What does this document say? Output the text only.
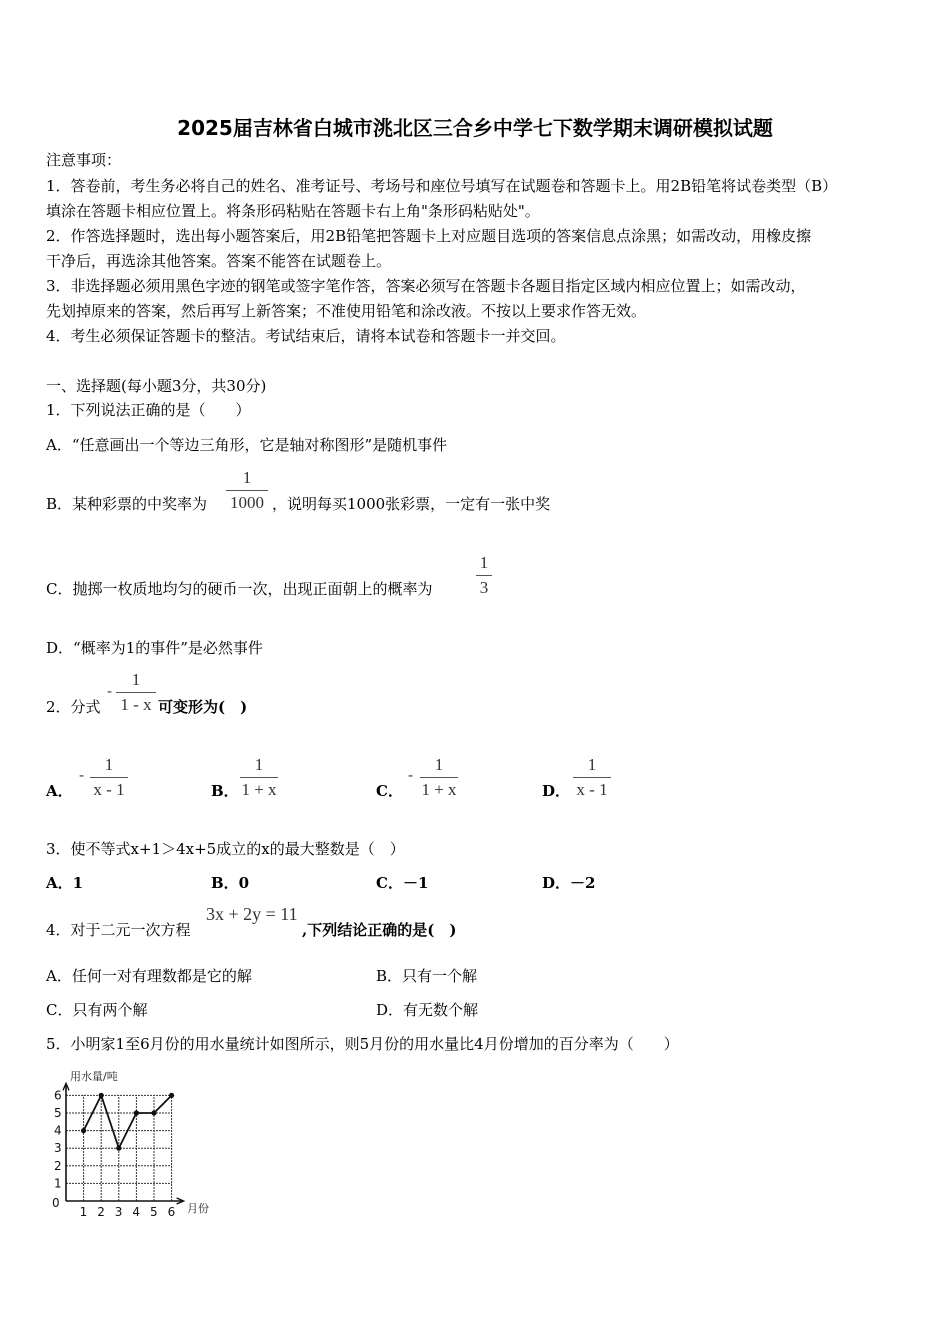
2025届吉林省白城市洮北区三合乡中学七下数学期末调研模拟试题
注意事项：
1．答卷前，考生务必将自己的姓名、准考证号、考场号和座位号填写在试题卷和答题卡上。用2B铅笔将试卷类型（B）
填涂在答题卡相应位置上。将条形码粘贴在答题卡右上角"条形码粘贴处"。
2．作答选择题时，选出每小题答案后，用2B铅笔把答题卡上对应题目选项的答案信息点涂黑；如需改动，用橡皮擦
干净后，再选涂其他答案。答案不能答在试题卷上。
3．非选择题必须用黑色字迹的钢笔或签字笔作答，答案必须写在答题卡各题目指定区域内相应位置上；如需改动，
先划掉原来的答案，然后再写上新答案；不准使用铅笔和涂改液。不按以上要求作答无效。
4．考生必须保证答题卡的整洁。考试结束后，请将本试卷和答题卡一并交回。
一、选择题(每小题3分，共30分)
1．下列说法正确的是（　　）
A．“任意画出一个等边三角形，它是轴对称图形”是随机事件
B．某种彩票的中奖率为
1
1000 ，说明每买1000张彩票，一定有一张中奖
C．抛掷一枚质地均匀的硬币一次，出现正面朝上的概率为
1
3
D．“概率为1的事件”是必然事件
2．分式
-
1
1 - x 可变形为(　)
A．
-
1
x - 1	B．
1
1 + x	C．
-
1
1 + x	D．
1
x - 1
3．使不等式x+1＞4x+5成立的x的最大整数是（　）
A．1	B．0	C．－1	D．－2
4．对于二元一次方程
3x + 2y = 11
,下列结论正确的是(　)
A．任何一对有理数都是它的解	B．只有一个解
C．只有两个解	D．有无数个解
5．小明家1至6月份的用水量统计如图所示，则5月份的用水量比4月份增加的百分率为（　　）
0
1
2
3
4
5
6
1 2 3 4 5 6
用水量/吨
月份
